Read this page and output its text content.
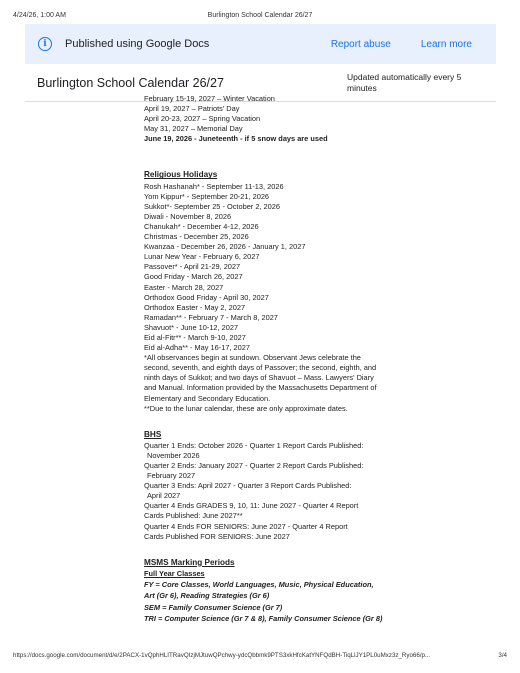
4/24/26, 1:00 AM	Burlington School Calendar 26/27
i	Published using Google Docs	Report abuse	Learn more
Burlington School Calendar 26/27	Updated automatically every 5 minutes
February 15-19, 2027 – Winter Vacation
April 19, 2027 – Patriots’ Day
April 20-23, 2027 – Spring Vacation
May 31, 2027 – Memorial Day
June 19, 2026 - Juneteenth - if 5 snow days are used
Religious Holidays
Rosh Hashanah* - September 11-13, 2026
Yom Kippur* - September 20-21, 2026
Sukkot*- September 25 - October 2, 2026
Diwali - November 8, 2026
Chanukah* - December 4-12, 2026
Christmas - December 25, 2026
Kwanzaa - December 26, 2026 - January 1, 2027
Lunar New Year - February 6, 2027
Passover* - April 21-29, 2027
Good Friday - March 26, 2027
Easter - March 28, 2027
Orthodox Good Friday - April 30, 2027
Orthodox Easter - May 2, 2027
Ramadan** - February 7 - March 8, 2027
Shavuot* - June 10-12, 2027
Eid al-Fitr** - March 9-10, 2027
Eid al-Adha** - May 16-17, 2027
*All observances begin at sundown. Observant Jews celebrate the second, seventh, and eighth days of Passover; the second, eighth, and ninth days of Sukkot; and two days of Shavuot – Mass. Lawyers' Diary and Manual. Information provided by the Massachusetts Department of Elementary and Secondary Education.
**Due to the lunar calendar, these are only approximate dates.
BHS
Quarter 1 Ends: October 2026 - Quarter 1 Report Cards Published:
November 2026
Quarter 2 Ends: January 2027 - Quarter 2 Report Cards Published:
February 2027
Quarter 3 Ends: April 2027 - Quarter 3 Report Cards Published:
April 2027
Quarter 4 Ends GRADES 9, 10, 11: June 2027 - Quarter 4 Report
Cards Published: June 2027**
Quarter 4 Ends FOR SENIORS: June 2027 - Quarter 4 Report
Cards Published FOR SENIORS: June 2027
MSMS Marking Periods
Full Year Classes
FY = Core Classes, World Languages, Music, Physical Education, Art (Gr 6), Reading Strategies (Gr 6)
SEM = Family Consumer Science (Gr 7)
TRI = Computer Science (Gr 7 & 8), Family Consumer Science (Gr 8)
https://docs.google.com/document/d/e/2PACX-1vQphHLITRavQIzjMJtuwQPchwy-ydcQbbmk9PTS3xkHfcKatYNFQdBH-TiqLlJY1PL0uMxz3z_Ryo66/p...	3/4
